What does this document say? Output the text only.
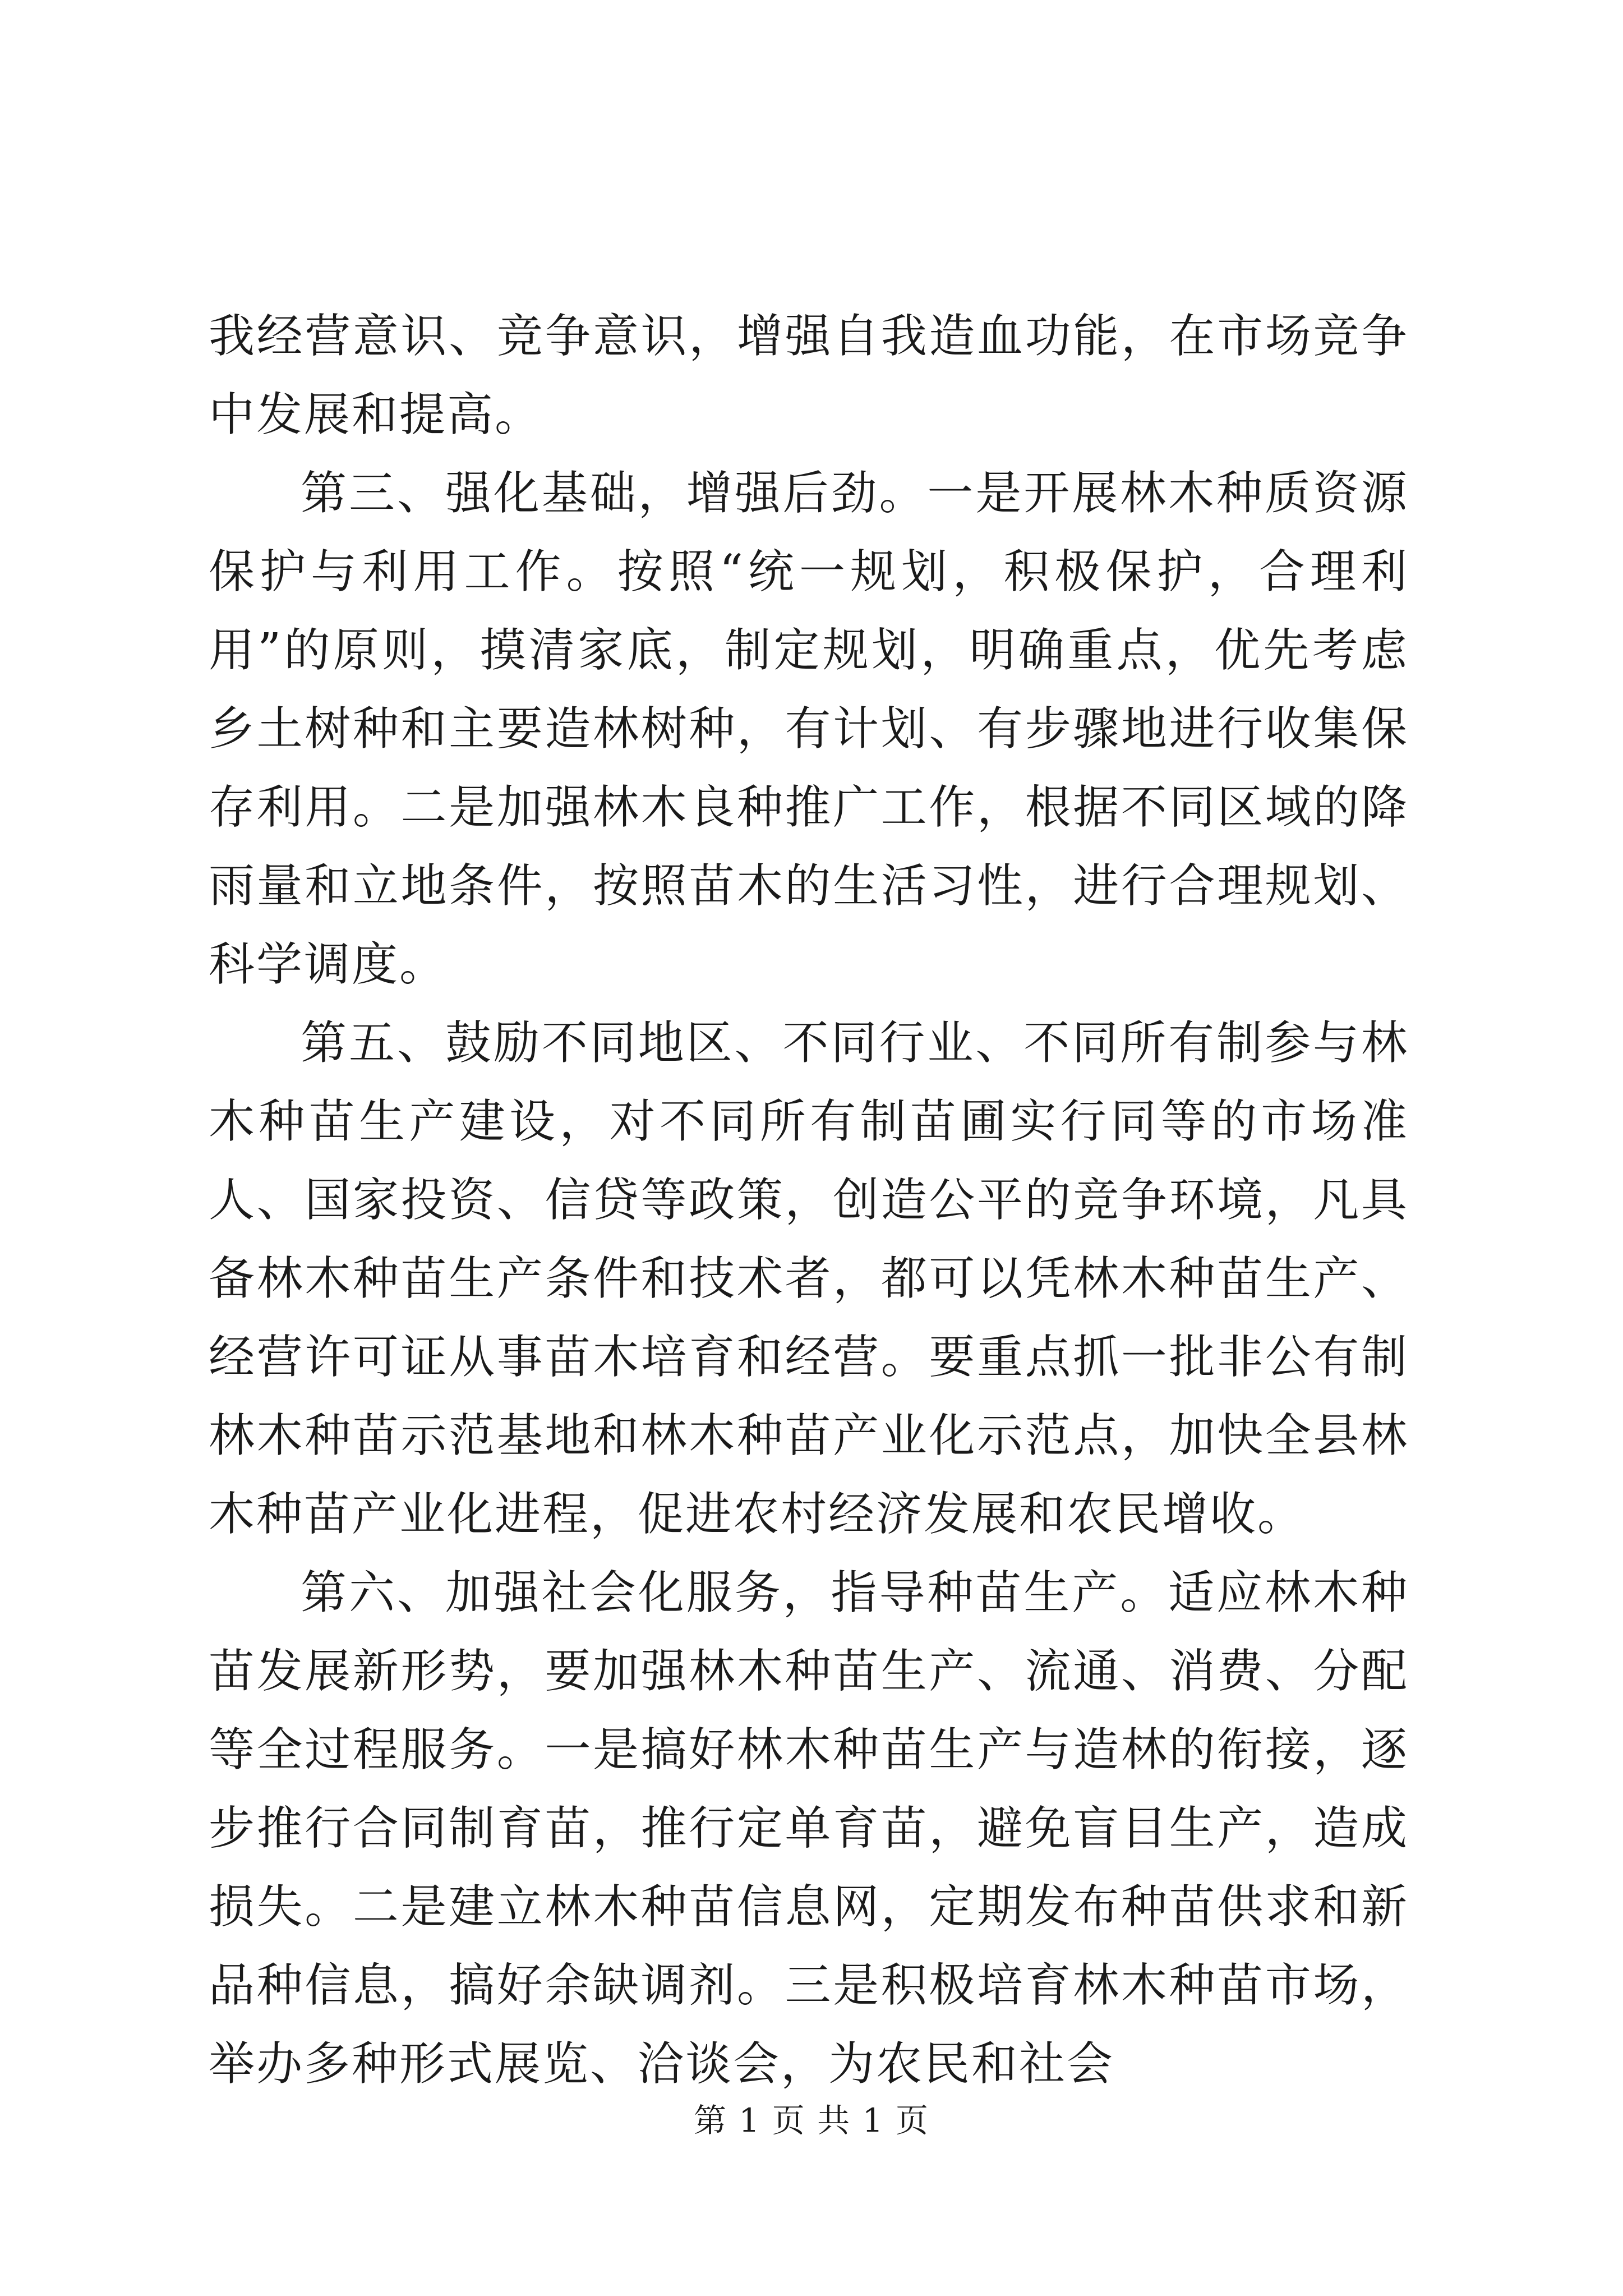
我经营意识、竞争意识，增强自我造血功能，在市场竞争中发展和提高。

第三、强化基础，增强后劲。一是开展林木种质资源保护与利用工作。按照“统一规划，积极保护，合理利用”的原则，摸清家底，制定规划，明确重点，优先考虑乡土树种和主要造林树种，有计划、有步骤地进行收集保存利用。二是加强林木良种推广工作，根据不同区域的降雨量和立地条件，按照苗木的生活习性，进行合理规划、科学调度。

第五、鼓励不同地区、不同行业、不同所有制参与林木种苗生产建设，对不同所有制苗圃实行同等的市场准人、国家投资、信贷等政策，创造公平的竞争环境，凡具备林木种苗生产条件和技术者，都可以凭林木种苗生产、经营许可证从事苗木培育和经营。要重点抓一批非公有制林木种苗示范基地和林木种苗产业化示范点，加快全县林木种苗产业化进程，促进农村经济发展和农民增收。

第六、加强社会化服务，指导种苗生产。适应林木种苗发展新形势，要加强林木种苗生产、流通、消费、分配等全过程服务。一是搞好林木种苗生产与造林的衔接，逐步推行合同制育苗，推行定单育苗，避免盲目生产，造成损失。二是建立林木种苗信息网，定期发布种苗供求和新品种信息，搞好余缺调剂。三是积极培育林木种苗市场，举办多种形式展览、洽谈会，为农民和社会

第 1 页 共 1 页
